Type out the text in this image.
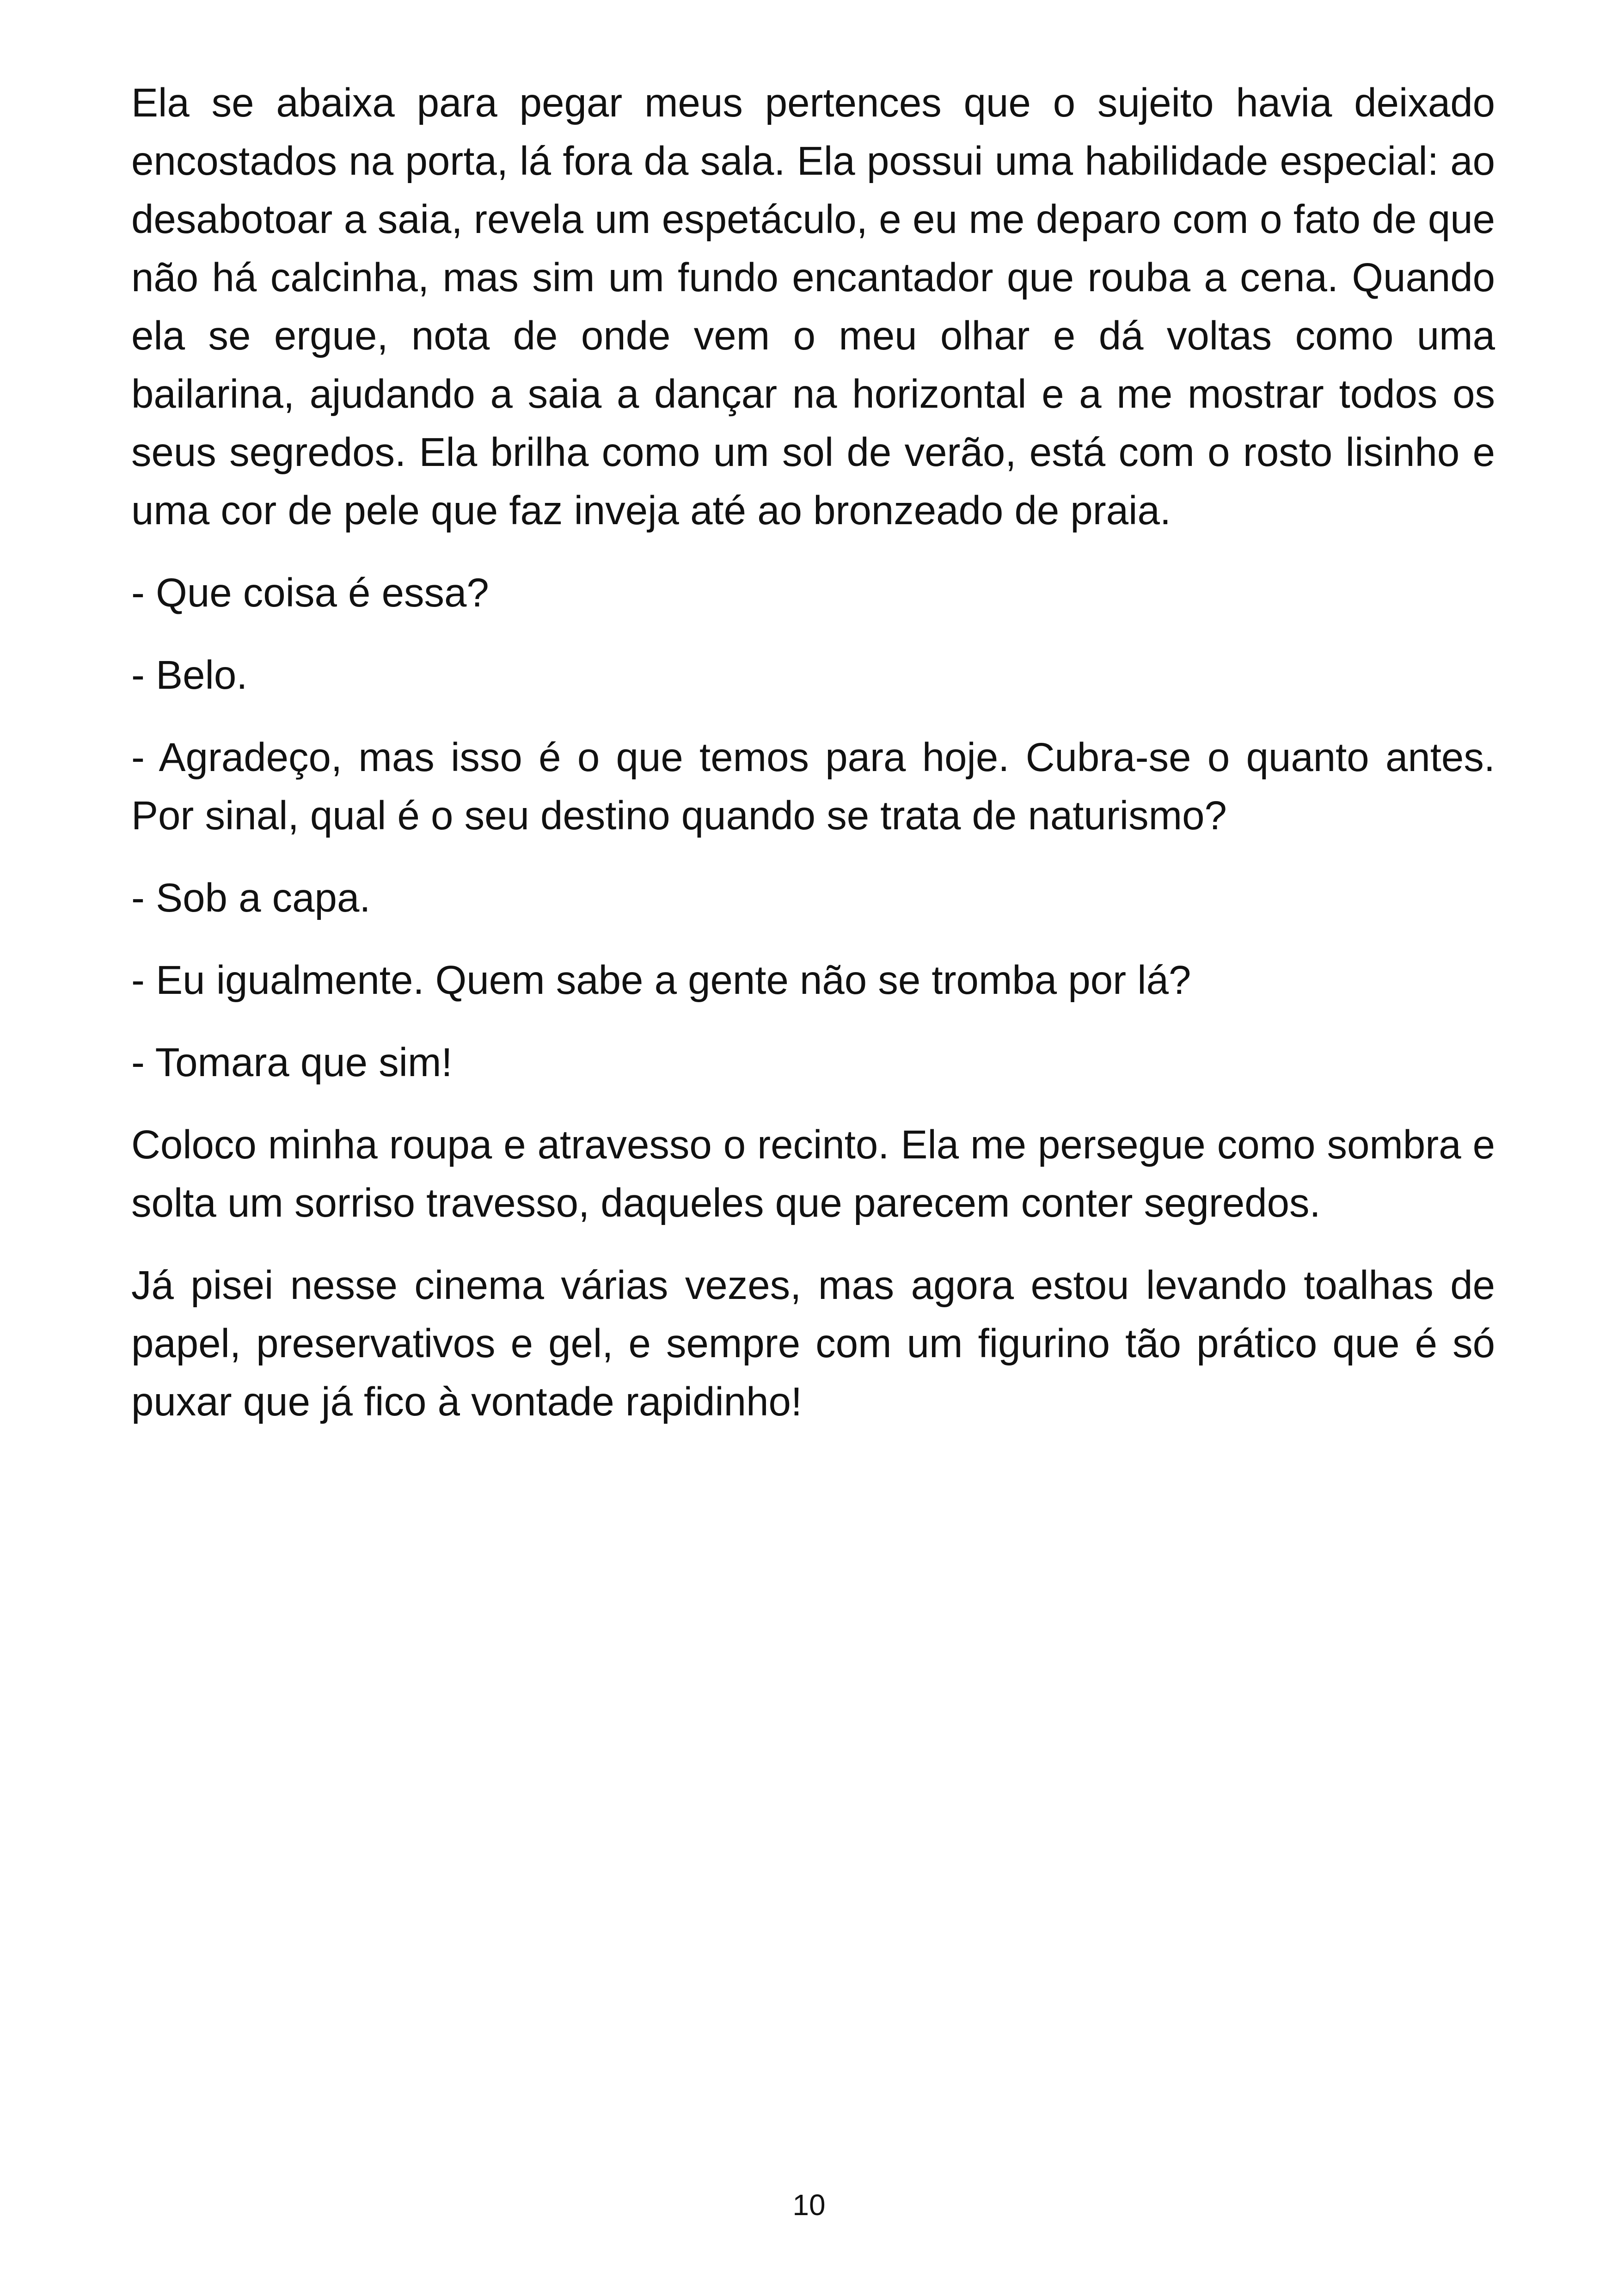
Ela se abaixa para pegar meus pertences que o sujeito havia deixado encostados na porta, lá fora da sala. Ela possui uma habilidade especial: ao desabotoar a saia, revela um espetáculo, e eu me deparo com o fato de que não há calcinha, mas sim um fundo encantador que rouba a cena. Quando ela se ergue, nota de onde vem o meu olhar e dá voltas como uma bailarina, ajudando a saia a dançar na horizontal e a me mostrar todos os seus segredos. Ela brilha como um sol de verão, está com o rosto lisinho e uma cor de pele que faz inveja até ao bronzeado de praia.

- Que coisa é essa?

- Belo.

- Agradeço, mas isso é o que temos para hoje. Cubra-se o quanto antes. Por sinal, qual é o seu destino quando se trata de naturismo?

- Sob a capa.

- Eu igualmente. Quem sabe a gente não se tromba por lá?

- Tomara que sim!

Coloco minha roupa e atravesso o recinto. Ela me persegue como sombra e solta um sorriso travesso, daqueles que parecem conter segredos.

Já pisei nesse cinema várias vezes, mas agora estou levando toalhas de papel, preservativos e gel, e sempre com um figurino tão prático que é só puxar que já fico à vontade rapidinho!

10
